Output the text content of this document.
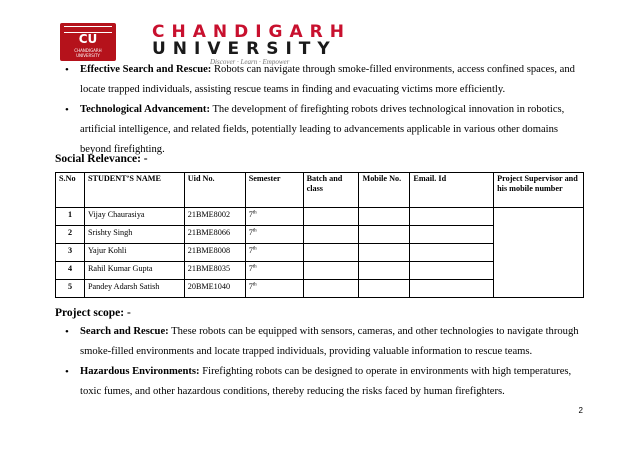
CU
CHANDIGARH UNIVERSITY
CHANDIGARH
UNIVERSITY
Discover · Learn · Empower
• Effective Search and Rescue: Robots can navigate through smoke-filled environments, access confined spaces, and locate trapped individuals, assisting rescue teams in finding and evacuating victims more efficiently.
• Technological Advancement: The development of firefighting robots drives technological innovation in robotics, artificial intelligence, and related fields, potentially leading to advancements applicable in various other domains beyond firefighting.
Social Relevance: -
S.No	STUDENT’S NAME	Uid No.	Semester	Batch and class	Mobile No.	Email. Id	Project Supervisor and his mobile number
1	Vijay Chaurasiya	21BME8002	7th				
2	Srishty Singh	21BME8066	7th			
3	Yajur Kohli	21BME8008	7th			
4	Rahil Kumar Gupta	21BME8035	7th			
5	Pandey Adarsh Satish	20BME1040	7th			
Project scope: -
• Search and Rescue: These robots can be equipped with sensors, cameras, and other technologies to navigate through smoke-filled environments and locate trapped individuals, providing valuable information to rescue teams.
• Hazardous Environments: Firefighting robots can be designed to operate in environments with high temperatures, toxic fumes, and other hazardous conditions, thereby reducing the risks faced by human firefighters.
2
